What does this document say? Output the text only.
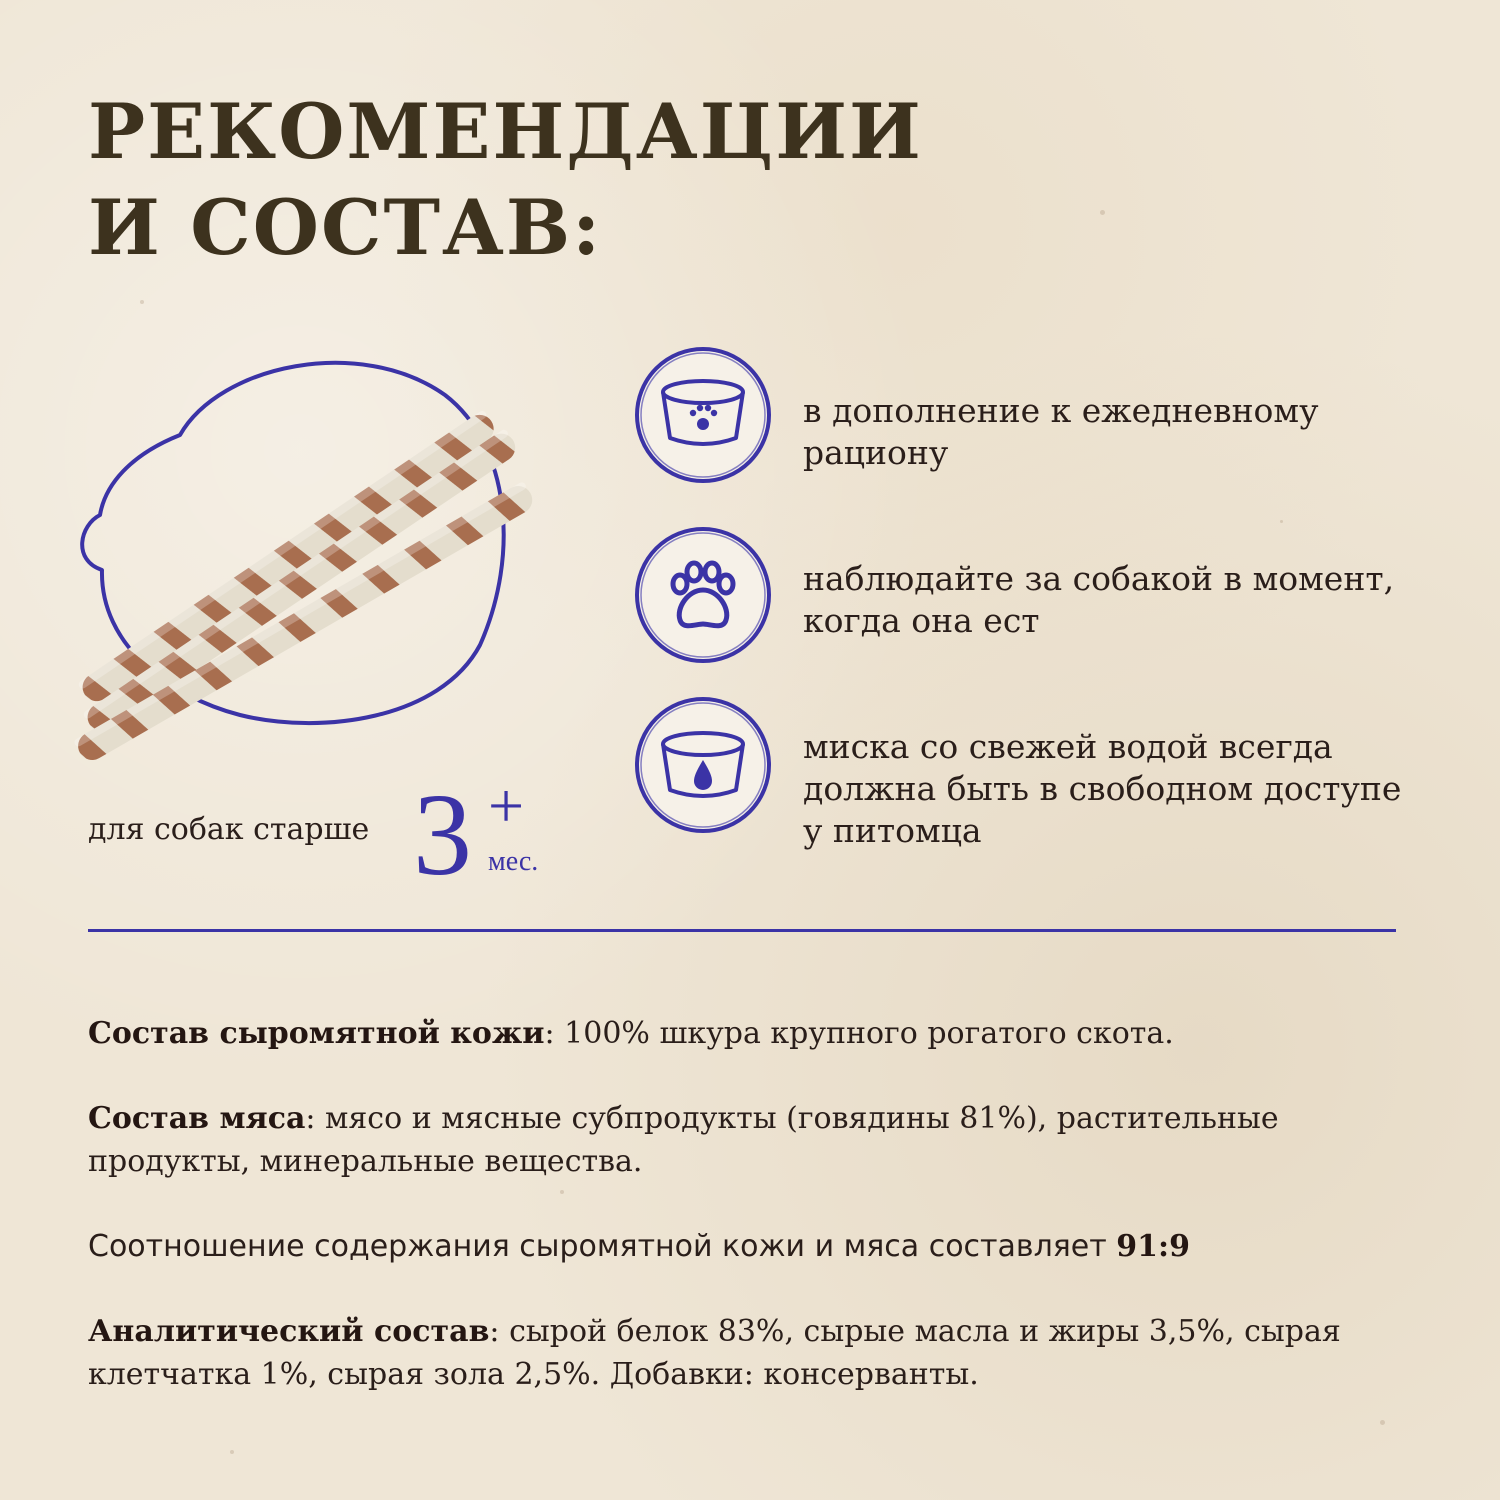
РЕКОМЕНДАЦИИ
И СОСТАВ:
для собак старше 3 +
мес.
в дополнение к ежедневному рациону
наблюдайте за собакой в момент, когда она ест
миска со свежей водой всегда должна быть в свободном доступе у питомца

Состав сыромятной кожи: 100% шкура крупного рогатого скота.

Состав мяса: мясо и мясные субпродукты (говядины 81%), растительные продукты, минеральные вещества.

Соотношение содержания сыромятной кожи и мяса составляет 91:9

Аналитический состав: сырой белок 83%, сырые масла и жиры 3,5%, сырая клетчатка 1%, сырая зола 2,5%. Добавки: консерванты.
